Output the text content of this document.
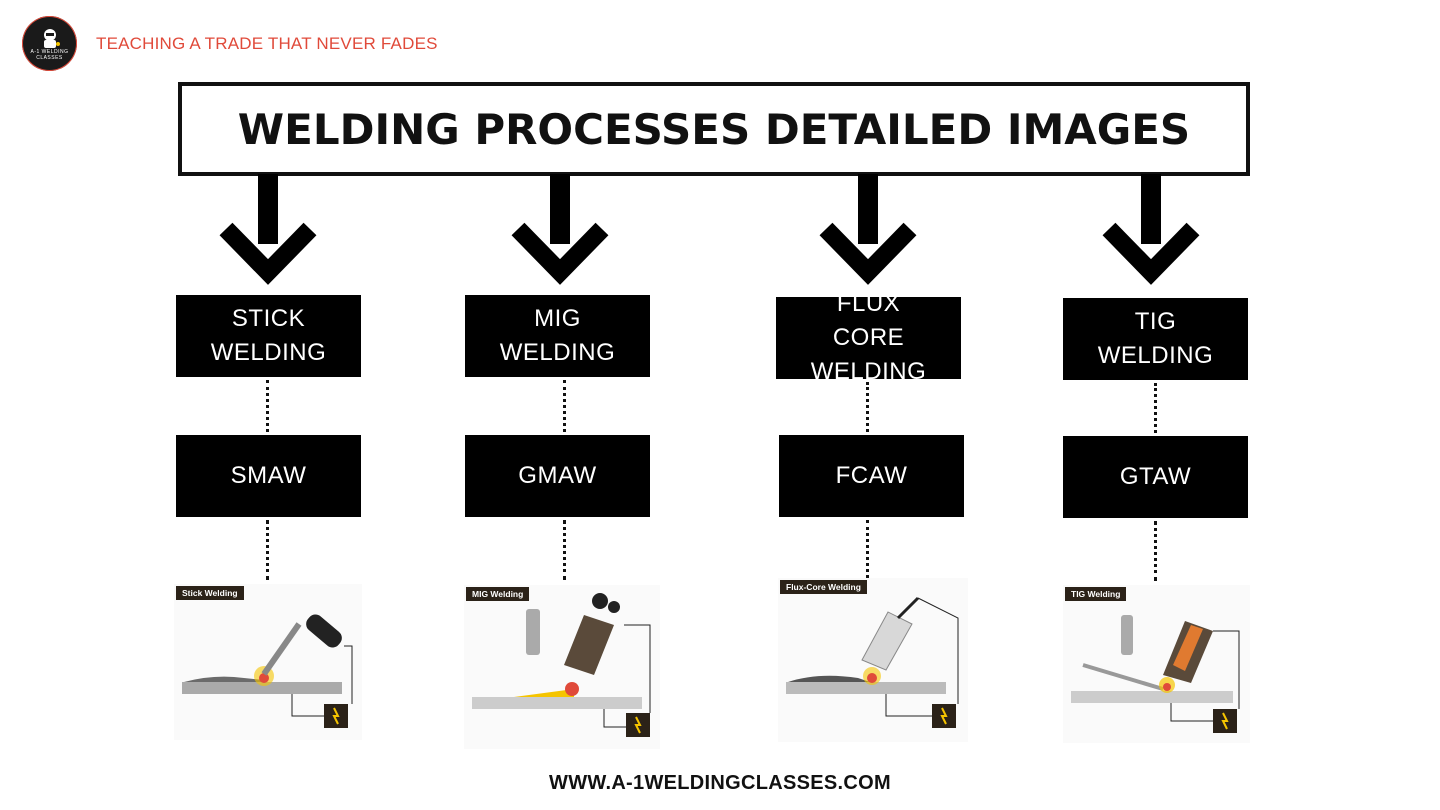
A-1 WELDING CLASSES
TEACHING A TRADE THAT NEVER FADES
WELDING PROCESSES DETAILED IMAGES
STICK WELDING
SMAW
Stick Welding
MIG WELDING
GMAW
MIG Welding
FLUX CORE WELDING
FCAW
Flux-Core Welding
TIG WELDING
GTAW
TIG Welding
WWW.A-1WELDINGCLASSES.COM
